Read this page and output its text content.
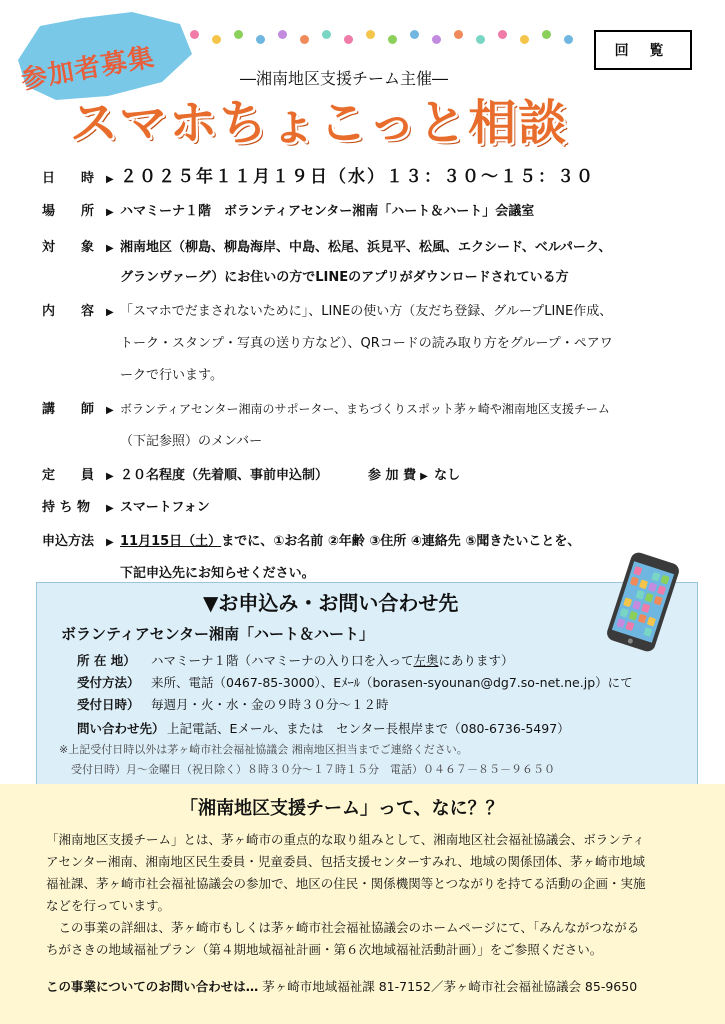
参加者募集	回 覧
―湘南地区支援チーム主催―
スマホちょこっと相談
日　　時 ▶ ２０２５年１１月１９日（水）１３：３０～１５：３０
場　　所 ▶ ハマミーナ１階　ボランティアセンター湘南「ハート＆ハート」会議室
対　　象 ▶ 湘南地区（柳島、柳島海岸、中島、松尾、浜見平、松風、エクシード、ベルパーク、
グランヴァーグ）にお住いの方でLINEのアプリがダウンロードされている方
内　　容 ▶ 「スマホでだまされないために」、LINEの使い方（友だち登録、グループLINE作成、
トーク・スタンプ・写真の送り方など）、QRコードの読み取り方をグループ・ペアワ
ークで行います。
講　　師 ▶ ボランティアセンター湘南のサポーター、まちづくりスポット茅ヶ崎や湘南地区支援チーム
（下記参照）のメンバー
定　　員 ▶ ２０名程度（先着順、事前申込制）	参 加 費 ▶ なし
持 ち 物 ▶ スマートフォン
申込方法 ▶ 11月15日（土）までに、①お名前 ②年齢 ③住所 ④連絡先 ⑤聞きたいことを、
下記申込先にお知らせください。
▼お申込み・お問い合わせ先
ボランティアセンター湘南「ハート＆ハート」
所 在 地） ハマミーナ１階（ハマミーナの入り口を入って左奥にあります）
受付方法） 来所、電話（0467-85-3000）、Eﾒｰﾙ（borasen-syounan@dg7.so-net.ne.jp）にて
受付日時） 毎週月・火・水・金の９時３０分～１２時
問い合わせ先） 上記電話、Eメール、または　センター長根岸まで（080-6736-5497）
※上記受付日時以外は茅ヶ崎市社会福祉協議会 湘南地区担当までご連絡ください。
受付日時）月～金曜日（祝日除く）８時３０分～１７時１５分　電話）０４６７－８５－９６５０
「湘南地区支援チーム」って、なに？？
「湘南地区支援チーム」とは、茅ヶ崎市の重点的な取り組みとして、湘南地区社会福祉協議会、ボランティ
アセンター湘南、湘南地区民生委員・児童委員、包括支援センターすみれ、地域の関係団体、茅ヶ崎市地域
福祉課、茅ヶ崎市社会福祉協議会の参加で、地区の住民・関係機関等とつながりを持てる活動の企画・実施
などを行っています。
　この事業の詳細は、茅ヶ崎市もしくは茅ヶ崎市社会福祉協議会のホームページにて、「みんながつながる
ちがさきの地域福祉プラン（第４期地域福祉計画・第６次地域福祉活動計画）」をご参照ください。
この事業についてのお問い合わせは… 茅ヶ崎市地域福祉課 81-7152／茅ヶ崎市社会福祉協議会 85-9650
